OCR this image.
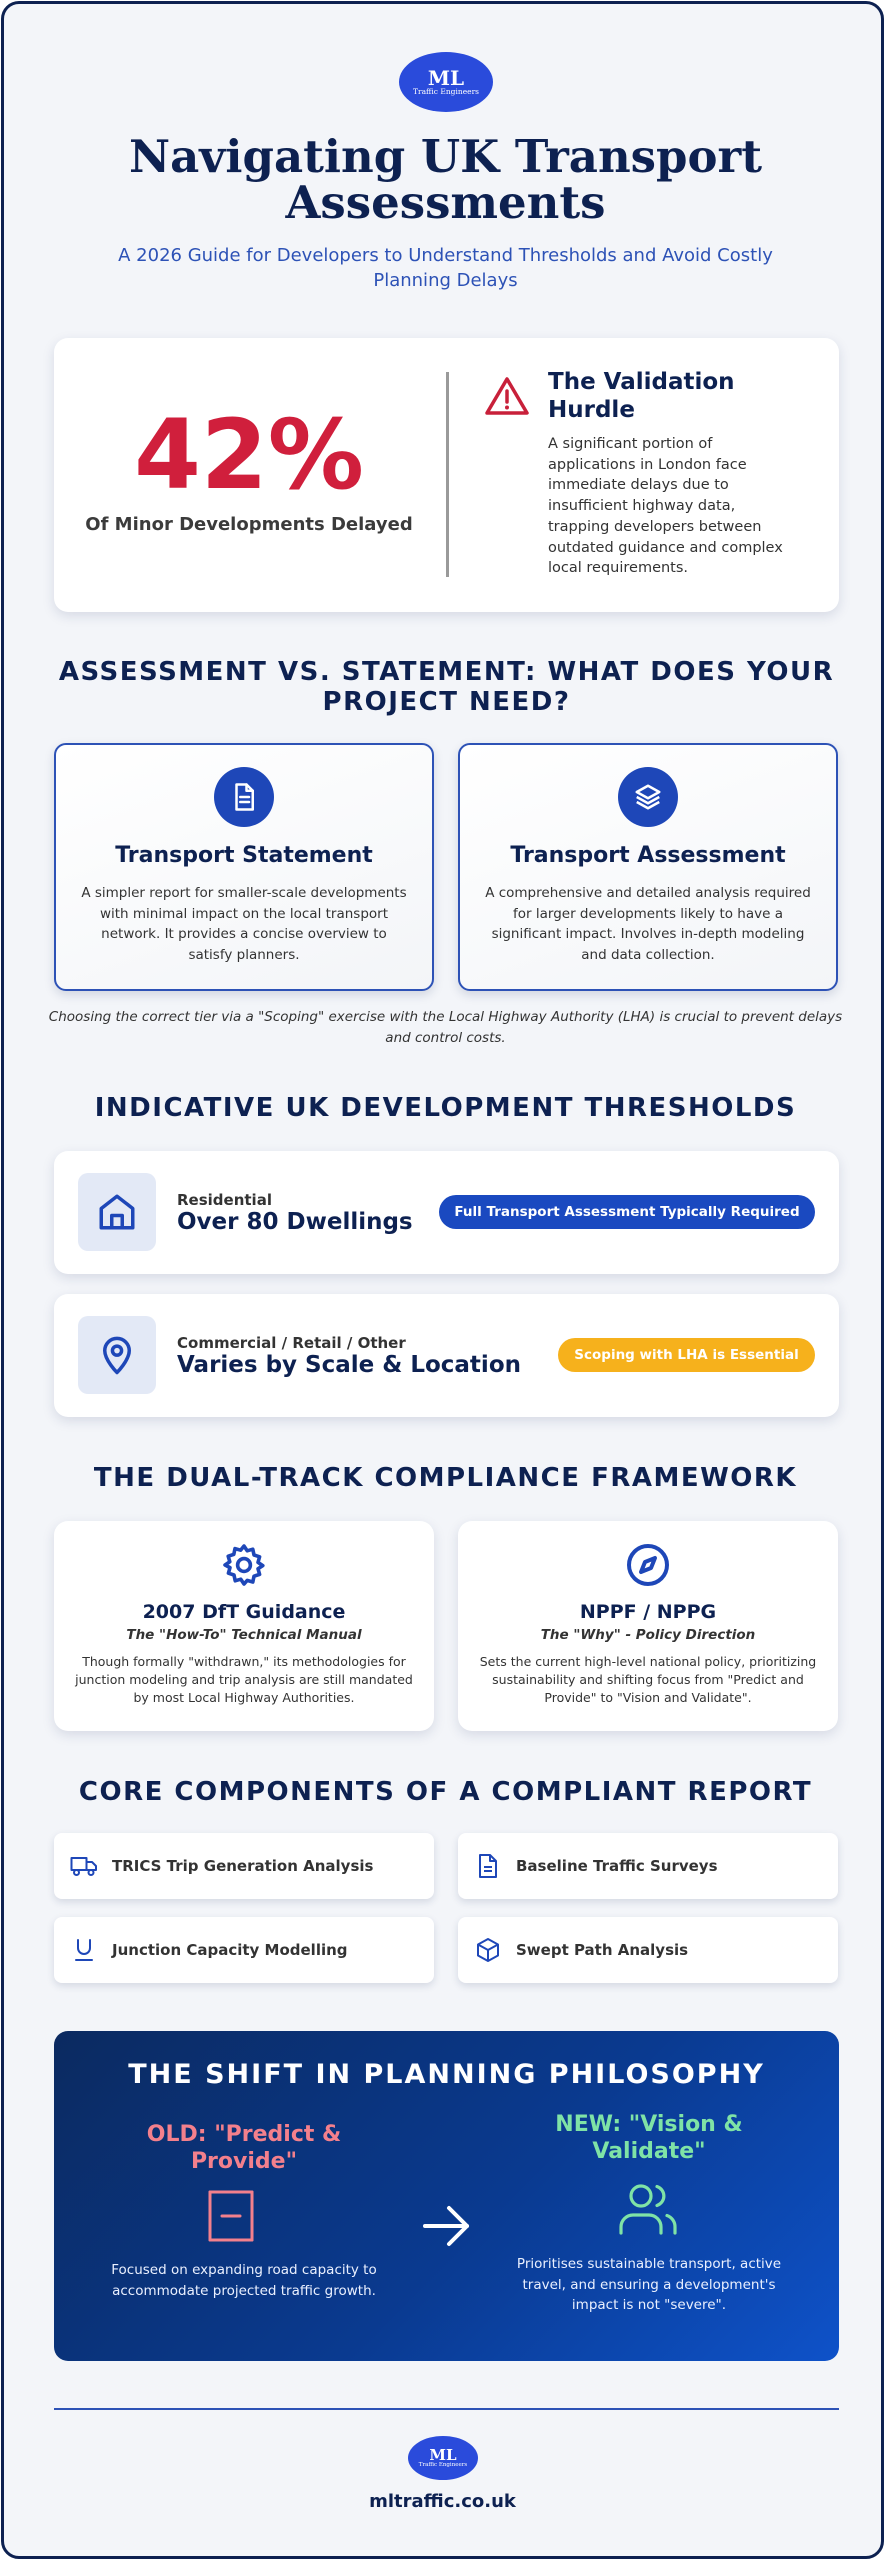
ML
Traffic Engineers
Navigating UK Transport Assessments
A 2026 Guide for Developers to Understand Thresholds and Avoid Costly Planning Delays
42%
Of Minor Developments Delayed
The Validation Hurdle
A significant portion of applications in London face immediate delays due to insufficient highway data, trapping developers between outdated guidance and complex local requirements.
ASSESSMENT VS. STATEMENT: WHAT DOES YOUR PROJECT NEED?
Transport Statement
A simpler report for smaller-scale developments with minimal impact on the local transport network. It provides a concise overview to satisfy planners.
Transport Assessment
A comprehensive and detailed analysis required for larger developments likely to have a significant impact. Involves in-depth modeling and data collection.
Choosing the correct tier via a "Scoping" exercise with the Local Highway Authority (LHA) is crucial to prevent delays and control costs.
INDICATIVE UK DEVELOPMENT THRESHOLDS
Residential
Over 80 Dwellings	Full Transport Assessment Typically Required
Commercial / Retail / Other
Varies by Scale & Location	Scoping with LHA is Essential
THE DUAL-TRACK COMPLIANCE FRAMEWORK
2007 DfT Guidance
The "How-To" Technical Manual
Though formally "withdrawn," its methodologies for junction modeling and trip analysis are still mandated by most Local Highway Authorities.
NPPF / NPPG
The "Why" - Policy Direction
Sets the current high-level national policy, prioritizing sustainability and shifting focus from "Predict and Provide" to "Vision and Validate".
CORE COMPONENTS OF A COMPLIANT REPORT
TRICS Trip Generation Analysis	Baseline Traffic Surveys
Junction Capacity Modelling	Swept Path Analysis
THE SHIFT IN PLANNING PHILOSOPHY
OLD: "Predict & Provide"
Focused on expanding road capacity to accommodate projected traffic growth.
NEW: "Vision & Validate"
Prioritises sustainable transport, active travel, and ensuring a development's impact is not "severe".
ML
Traffic Engineers
mltraffic.co.uk
